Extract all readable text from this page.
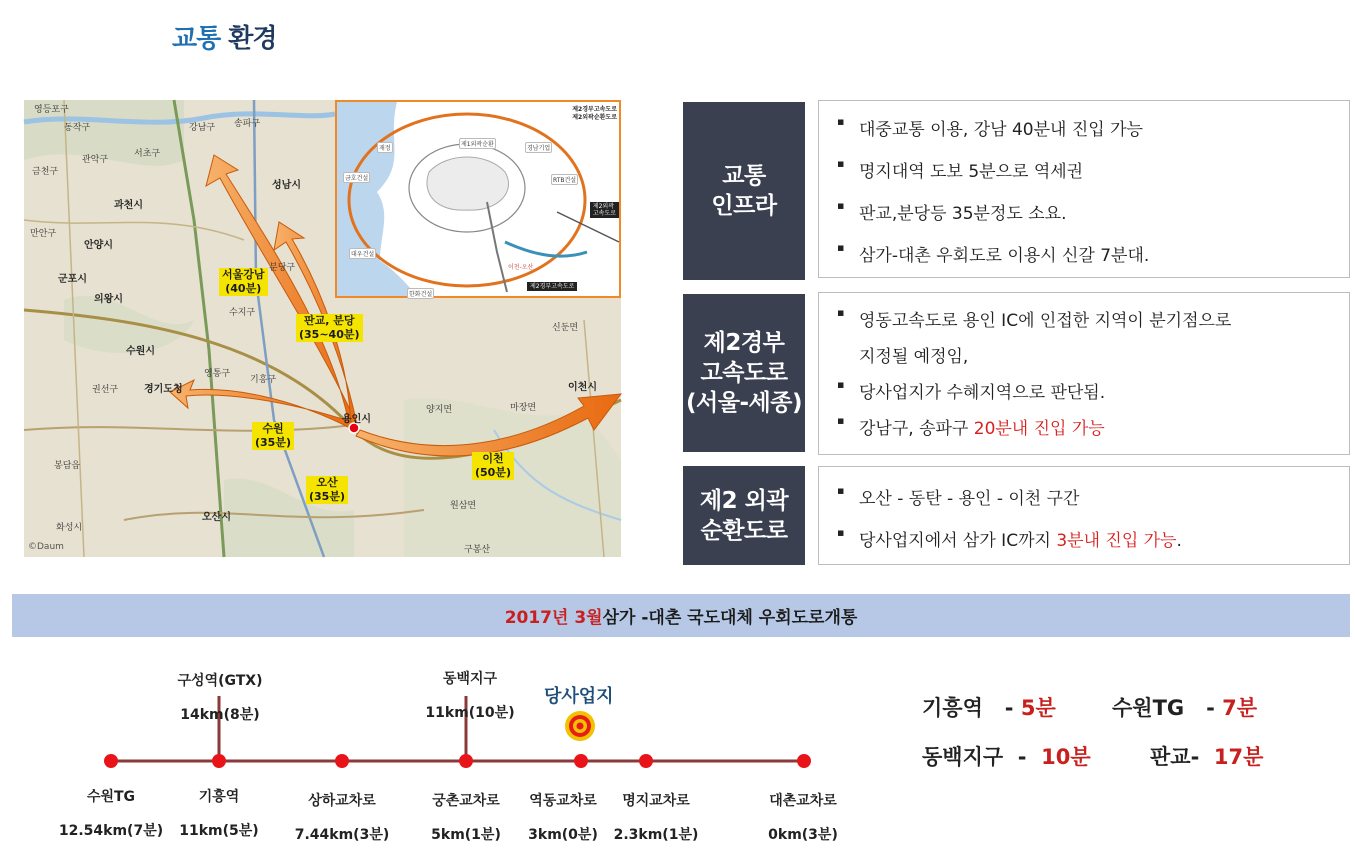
교통 환경
영등포구
동작구	강남구 송파구
관악구
서초구
금천구
과천시
안양시
만안구
군포시
의왕시
수지구
분당구
성남시
수원시
권선구	경기도청
기흥구
용인시
영통구
오산시
이천시
마장면
양지면
신둔면
원삼면
봉담읍
화성시
구봉산
서울강남
(40분)
판교, 분당
(35~40분)
수원
(35분)
오산
(35분)
이천
(50분)
©Daum
제2경부고속도로
제2외곽순환도로
재정
제1외곽순환
경남기업
RTB건설
금호건설
대우건설
한화건설
이천-오산
제2외곽
고속도로
제2경부고속도로
교통
인프라
▪ 대중교통 이용, 강남 40분내 진입 가능
▪ 명지대역 도보 5분으로 역세권
▪ 판교,분당등 35분정도 소요.
▪ 삼가-대촌 우회도로 이용시 신갈 7분대.
제2경부
고속도로
(서울-세종)
▪ 영동고속도로 용인 IC에 인접한 지역이 분기점으로
지정될 예정임,
▪ 당사업지가 수혜지역으로 판단됨.
▪ 강남구, 송파구 20분내 진입 가능
제2 외곽
순환도로
▪ 오산 - 동탄 - 용인 - 이천 구간
▪ 당사업지에서 삼가 IC까지 3분내 진입 가능.
2017년 3월 삼가 -대촌 국도대체 우회도로개통

구성역(GTX)

14km(8분)

동백지구

11km(10분)

당사업지

수원TG

12.54km(7분)

기흥역

11km(5분)

상하교차로

7.44km(3분)

궁촌교차로

5km(1분)

역동교차로

3km(0분)

명지교차로

2.3km(1분)

대촌교차로

0km(3분)

기흥역   - 5분	수원TG   - 7분
동백지구  -  10분	판교-  17분
